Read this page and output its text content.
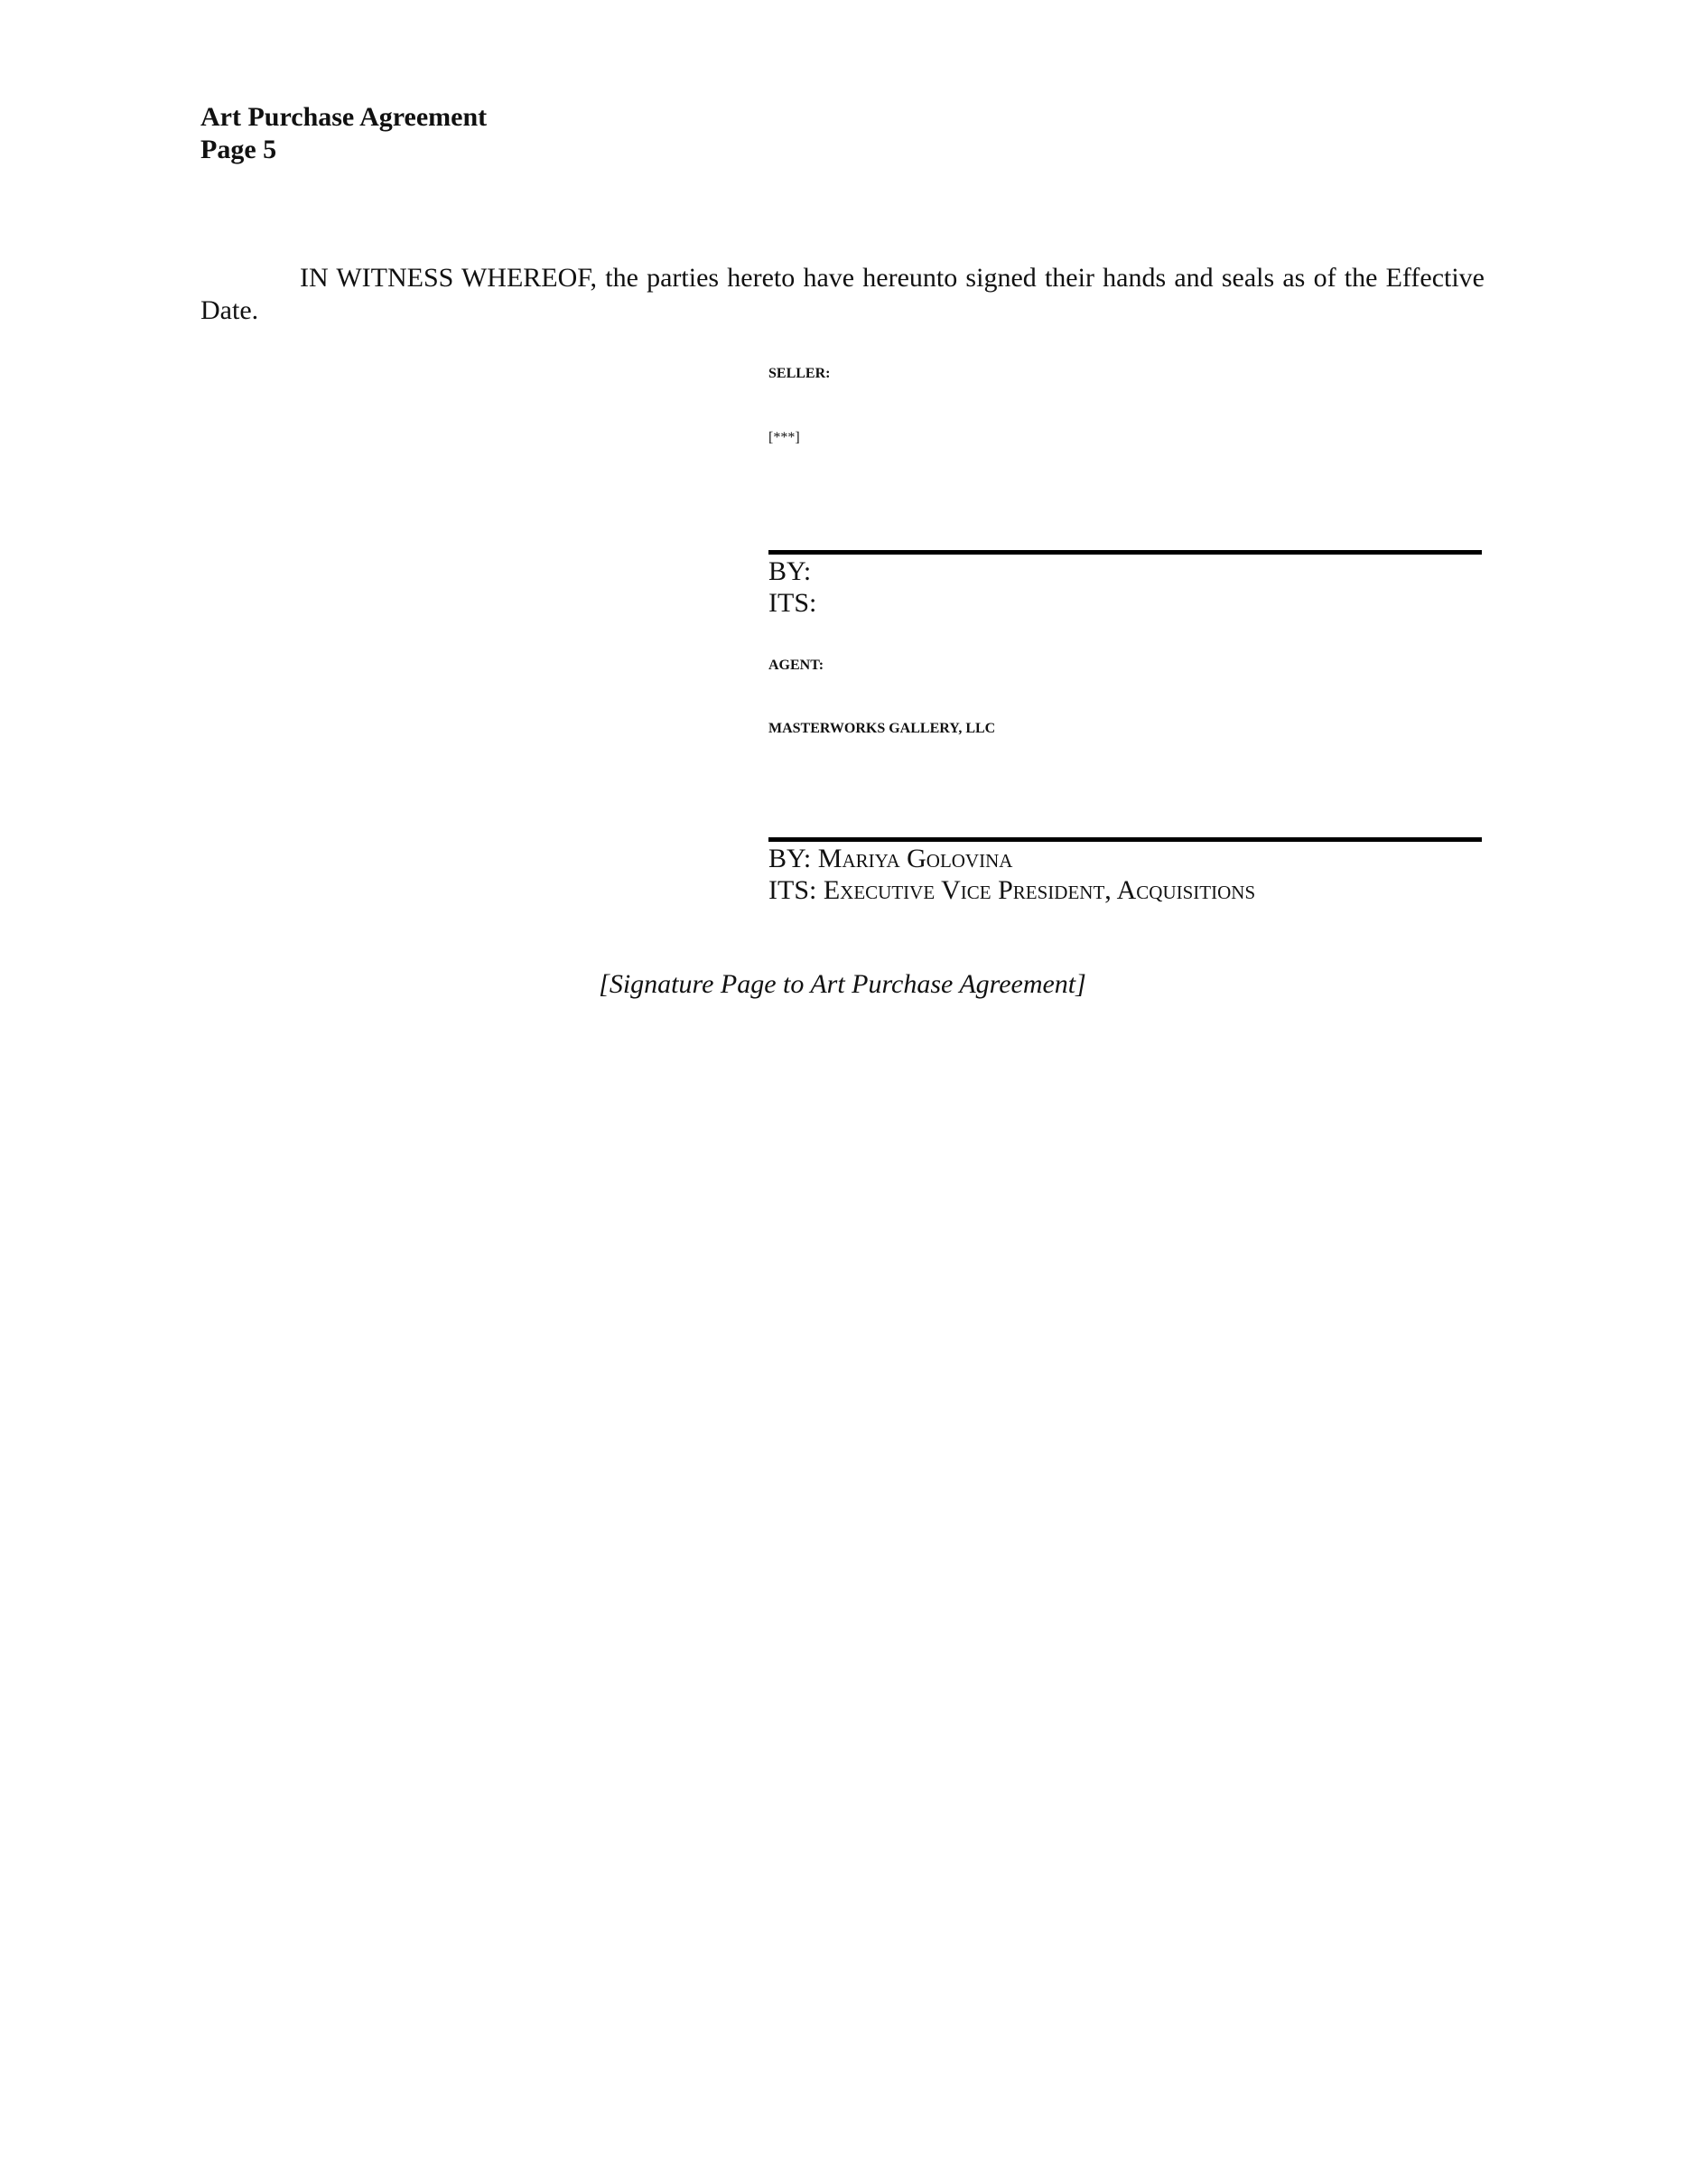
Art Purchase Agreement
Page 5

IN WITNESS WHEREOF, the parties hereto have hereunto signed their hands and seals as of the Effective Date.

SELLER:
[***]
BY:
ITS:
AGENT:
MASTERWORKS GALLERY, LLC
BY: Mariya Golovina
ITS: Executive Vice President, Acquisitions
[Signature Page to Art Purchase Agreement]
